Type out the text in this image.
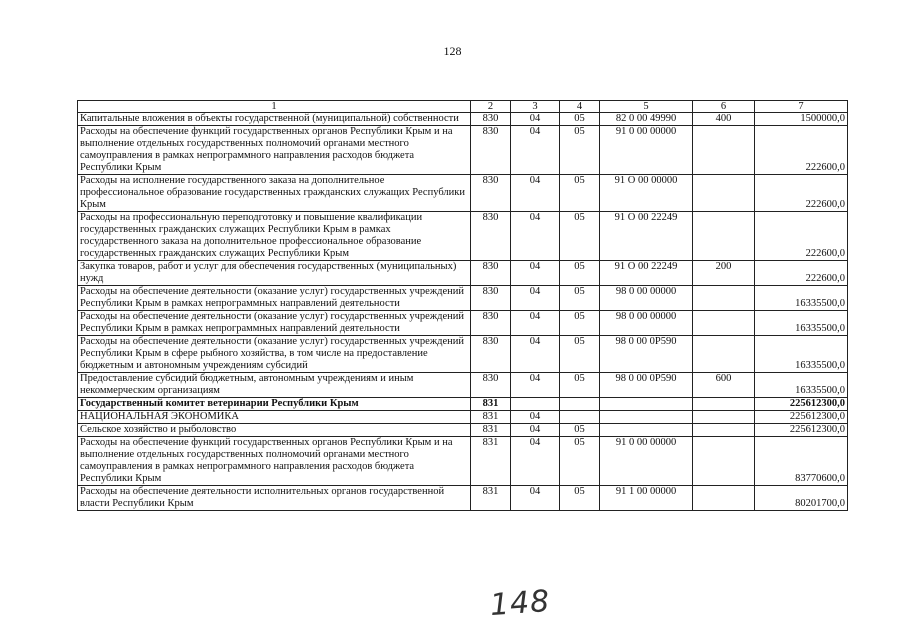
128
1	2	3	4	5	6	7
Капитальные вложения в объекты государственной (муниципальной) собственности	830	04	05	82 0 00 49990	400	1500000,0
Расходы на обеспечение функций государственных органов Республики Крым и на выполнение отдельных государственных полномочий органами местного самоуправления в рамках непрограммного направления расходов бюджета Республики Крым	830	04	05	91 0 00 00000		222600,0
Расходы на исполнение государственного заказа на дополнительное профессиональное образование государственных гражданских служащих Республики Крым	830	04	05	91 О 00 00000		222600,0
Расходы на профессиональную переподготовку и повышение квалификации государственных гражданских служащих Республики Крым в рамках государственного заказа на дополнительное профессиональное образование государственных гражданских служащих Республики Крым	830	04	05	91 О 00 22249		222600,0
Закупка товаров, работ и услуг для обеспечения государственных (муниципальных) нужд	830	04	05	91 О 00 22249	200	222600,0
Расходы на обеспечение деятельности (оказание услуг) государственных учреждений Республики Крым в рамках непрограммных направлений деятельности	830	04	05	98 0 00 00000		16335500,0
Расходы на обеспечение деятельности (оказание услуг) государственных учреждений Республики Крым в рамках непрограммных направлений деятельности	830	04	05	98 0 00 00000		16335500,0
Расходы на обеспечение деятельности (оказание услуг) государственных учреждений Республики Крым в сфере рыбного хозяйства, в том числе на предоставление бюджетным и автономным учреждениям субсидий	830	04	05	98 0 00 0Р590		16335500,0
Предоставление субсидий бюджетным, автономным учреждениям и иным некоммерческим организациям	830	04	05	98 0 00 0Р590	600	16335500,0
Государственный комитет ветеринарии Республики Крым	831					225612300,0
НАЦИОНАЛЬНАЯ ЭКОНОМИКА	831	04				225612300,0
Сельское хозяйство и рыболовство	831	04	05			225612300,0
Расходы на обеспечение функций государственных органов Республики Крым и на выполнение отдельных государственных полномочий органами местного самоуправления в рамках непрограммного направления расходов бюджета Республики Крым	831	04	05	91 0 00 00000		83770600,0
Расходы на обеспечение деятельности исполнительных органов государственной власти Республики Крым	831	04	05	91 1 00 00000		80201700,0
148
